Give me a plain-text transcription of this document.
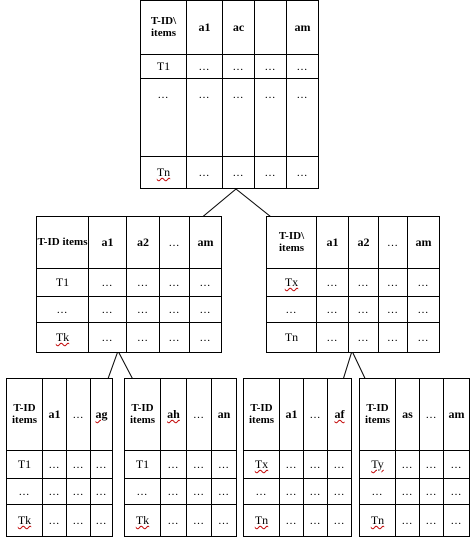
T-ID\ items	a1	ac		am
T1	…	…	…	…
…	…	…	…	…
Tn	…	…	…	…
T-ID items	a1	a2	…	am
T1	…	…	…	…
…	…	…	…	…
Tk	…	…	…	…
T-ID\ items	a1	a2	…	am
Tx	…	…	…	…
…	…	…	…	…
Tn	…	…	…	…
T-ID items	a1	…	ag
T1	…	…	…
…	…	…	…
Tk	…	…	…
T-ID items	ah	…	an
T1	…	…	…
…	…	…	…
Tk	…	…	…
T-ID items	a1	…	af
Tx	…	…	…
…	…	…	…
Tn	…	…	…
T-ID items	as	…	am
Ty	…	…	…
…	…	…	…
Tn	…	…	…
